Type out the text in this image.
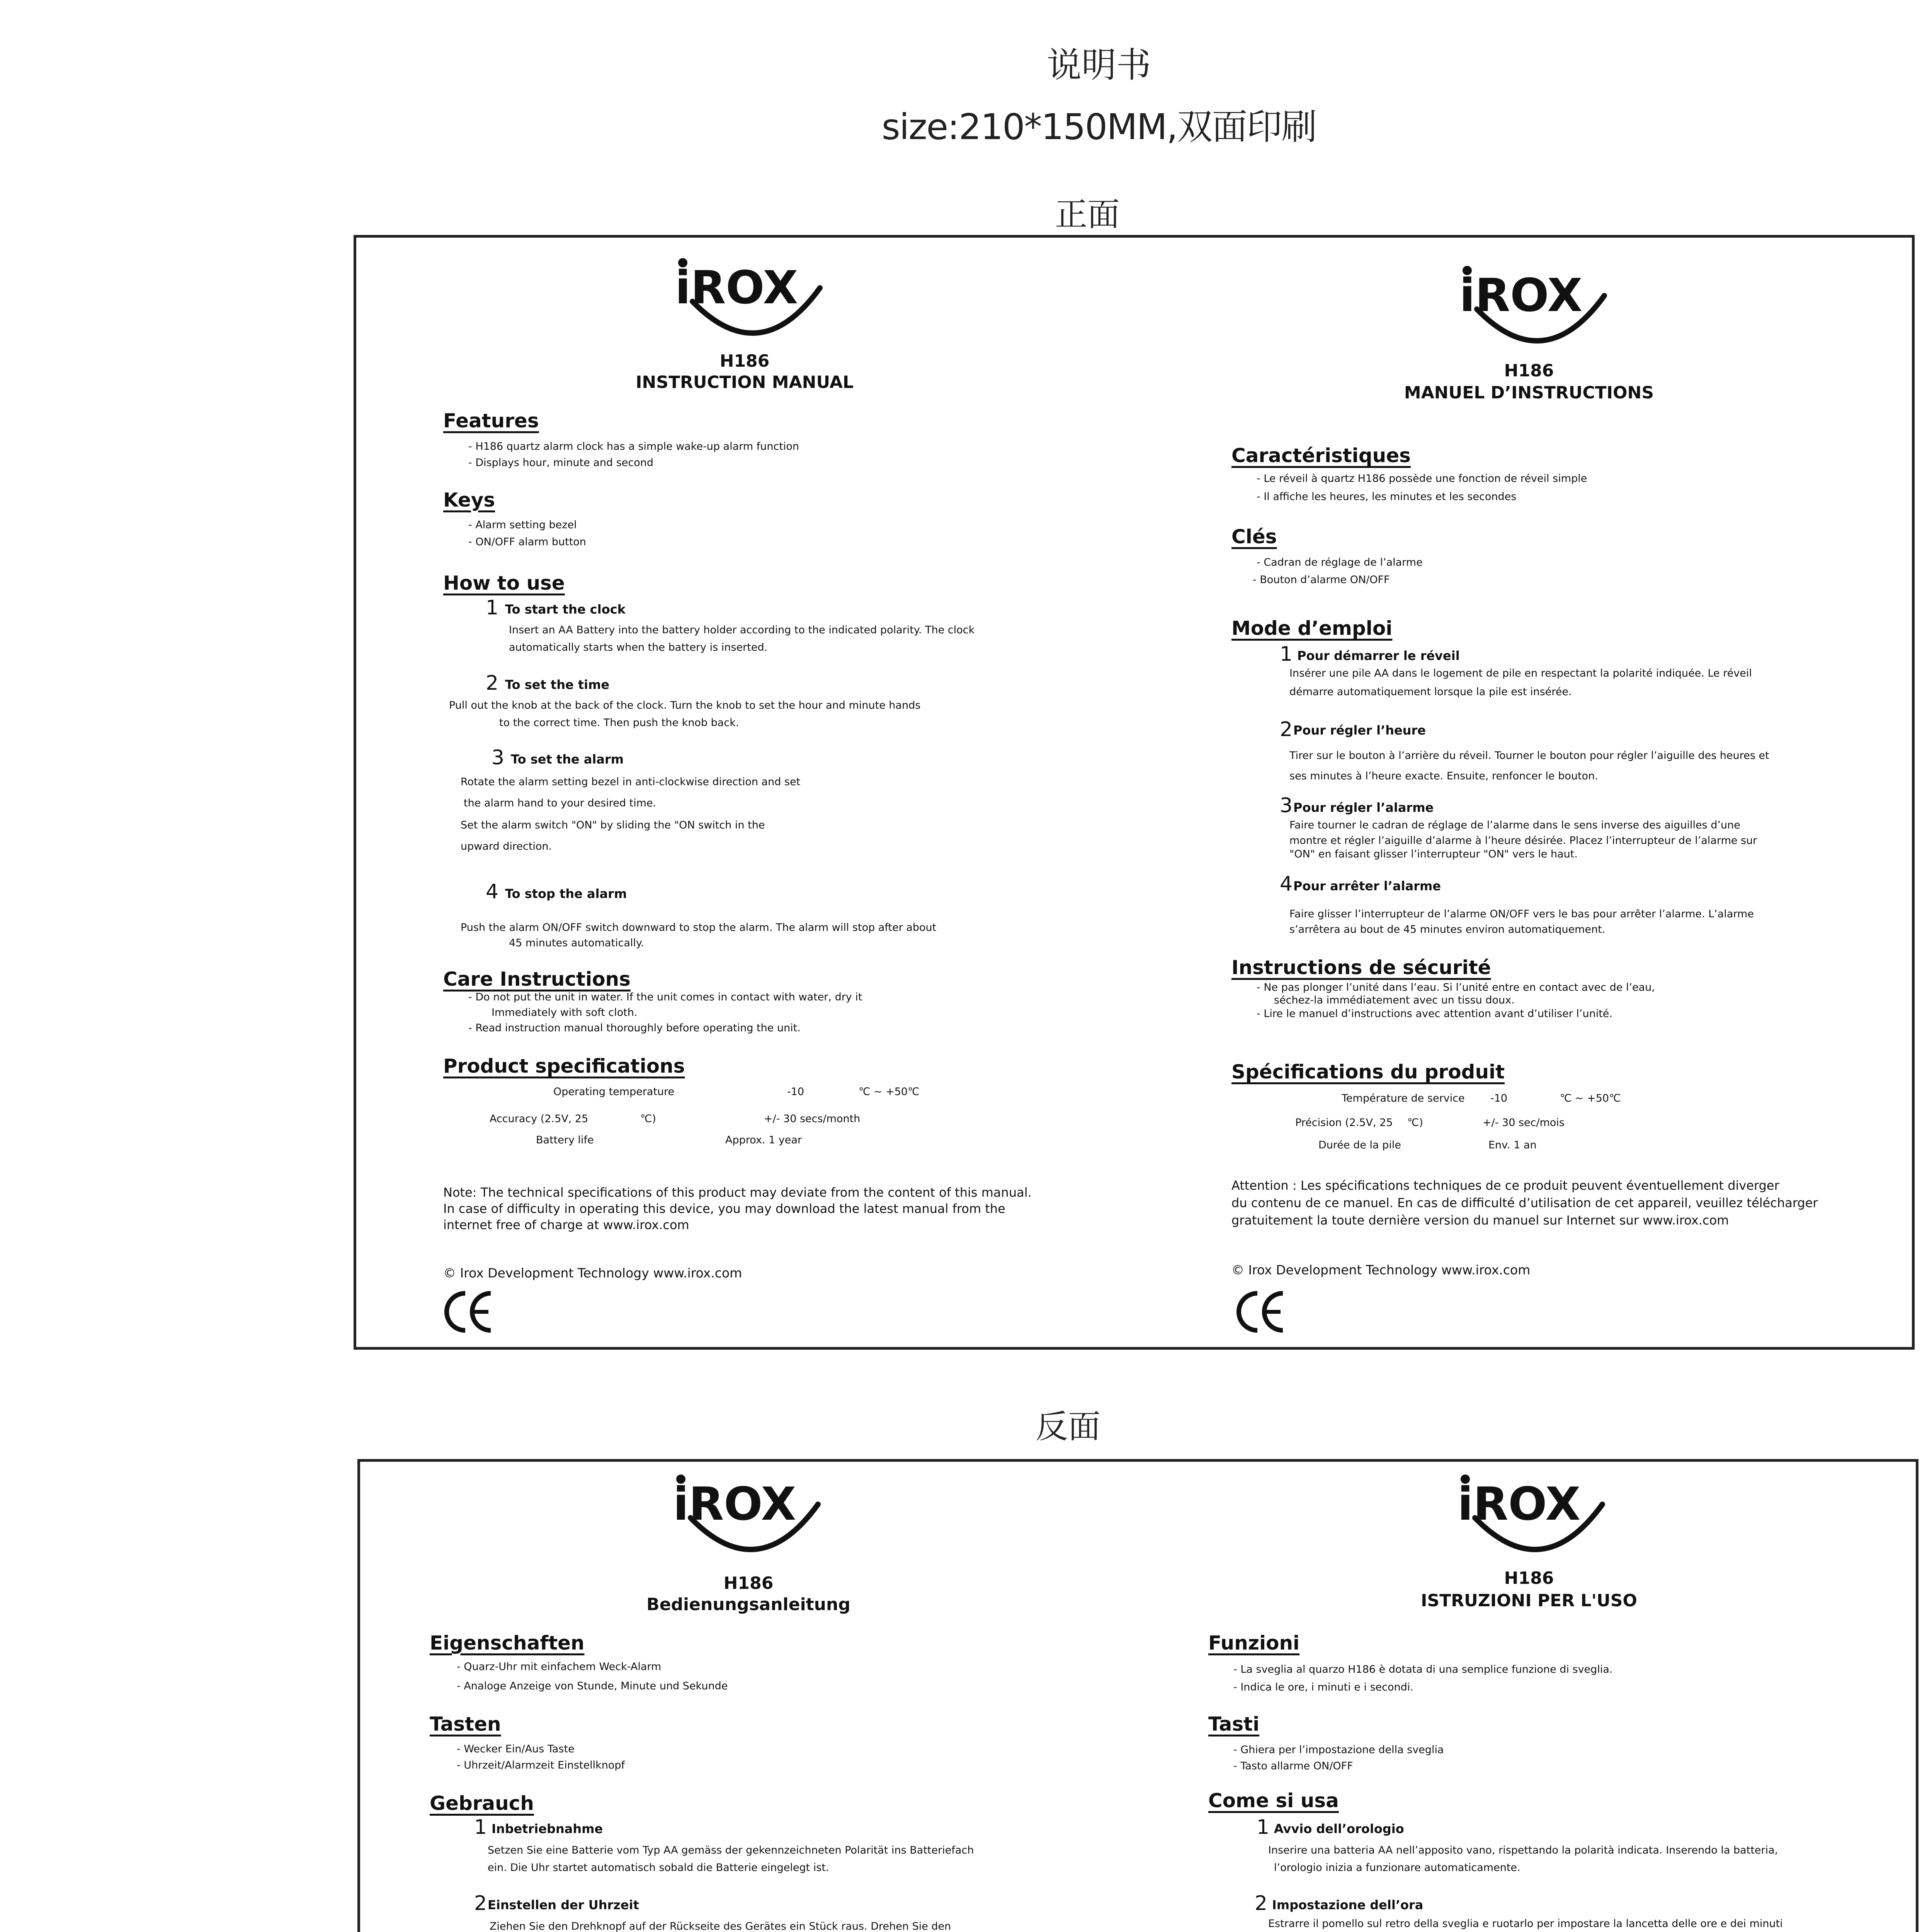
说明书
size:210*150MM,双面印刷
正面
反面
iROX
H186
INSTRUCTION MANUAL
Features
- H186 quartz alarm clock has a simple wake-up alarm function
- Displays hour, minute and second
Keys
- Alarm setting bezel
- ON/OFF alarm button
How to use
1 To start the clock
Insert an AA Battery into the battery holder according to the indicated polarity. The clock
automatically starts when the battery is inserted.
2 To set the time
Pull out the knob at the back of the clock. Turn the knob to set the hour and minute hands
to the correct time. Then push the knob back.
3 To set the alarm
Rotate the alarm setting bezel in anti-clockwise direction and set
the alarm hand to your desired time.
Set the alarm switch "ON" by sliding the "ON switch in the
upward direction.
4 To stop the alarm
Push the alarm ON/OFF switch downward to stop the alarm. The alarm will stop after about
45 minutes automatically.
Care Instructions
- Do not put the unit in water. If the unit comes in contact with water, dry it
Immediately with soft cloth.
- Read instruction manual thoroughly before operating the unit.
Product specifications
Operating temperature	-10	℃ ~ +50℃
Accuracy (2.5V, 25	℃)	+/- 30 secs/month
Battery life	Approx. 1 year
Note: The technical specifications of this product may deviate from the content of this manual.
In case of difficulty in operating this device, you may download the latest manual from the
internet free of charge at www.irox.com
© Irox Development Technology www.irox.com
iROX
H186
MANUEL D’INSTRUCTIONS
Caractéristiques
- Le réveil à quartz H186 possède une fonction de réveil simple
- Il affiche les heures, les minutes et les secondes
Clés
- Cadran de réglage de l’alarme
- Bouton d’alarme ON/OFF
Mode d’emploi
1 Pour démarrer le réveil
Insérer une pile AA dans le logement de pile en respectant la polarité indiquée. Le réveil
démarre automatiquement lorsque la pile est insérée.
2 Pour régler l’heure
Tirer sur le bouton à l’arrière du réveil. Tourner le bouton pour régler l’aiguille des heures et
ses minutes à l’heure exacte. Ensuite, renfoncer le bouton.
3 Pour régler l’alarme
Faire tourner le cadran de réglage de l’alarme dans le sens inverse des aiguilles d’une
montre et régler l’aiguille d’alarme à l’heure désirée. Placez l’interrupteur de l’alarme sur
"ON" en faisant glisser l’interrupteur "ON" vers le haut.
4 Pour arrêter l’alarme
Faire glisser l’interrupteur de l’alarme ON/OFF vers le bas pour arrêter l’alarme. L’alarme
s’arrêtera au bout de 45 minutes environ automatiquement.
Instructions de sécurité
- Ne pas plonger l’unité dans l’eau. Si l’unité entre en contact avec de l’eau,
séchez-la immédiatement avec un tissu doux.
- Lire le manuel d’instructions avec attention avant d’utiliser l’unité.
Spécifications du produit
Température de service -10	℃ ~ +50℃
Précision (2.5V, 25 ℃)	+/- 30 sec/mois
Durée de la pile	Env. 1 an
Attention : Les spécifications techniques de ce produit peuvent éventuellement diverger
du contenu de ce manuel. En cas de difficulté d’utilisation de cet appareil, veuillez télécharger
gratuitement la toute dernière version du manuel sur Internet sur www.irox.com
© Irox Development Technology www.irox.com
iROX
H186
Bedienungsanleitung
Eigenschaften
- Quarz-Uhr mit einfachem Weck-Alarm
- Analoge Anzeige von Stunde, Minute und Sekunde
Tasten
- Wecker Ein/Aus Taste
- Uhrzeit/Alarmzeit Einstellknopf
Gebrauch
1 Inbetriebnahme
Setzen Sie eine Batterie vom Typ AA gemäss der gekennzeichneten Polarität ins Batteriefach
ein. Die Uhr startet automatisch sobald die Batterie eingelegt ist.
2 Einstellen der Uhrzeit
Ziehen Sie den Drehknopf auf der Rückseite des Gerätes ein Stück raus. Drehen Sie den
iROX
H186
ISTRUZIONI PER L'USO
Funzioni
- La sveglia al quarzo H186 è dotata di una semplice funzione di sveglia.
- Indica le ore, i minuti e i secondi.
Tasti
- Ghiera per l’impostazione della sveglia
- Tasto allarme ON/OFF
Come si usa
1 Avvio dell’orologio
Inserire una batteria AA nell’apposito vano, rispettando la polarità indicata. Inserendo la batteria,
l’orologio inizia a funzionare automaticamente.
2 Impostazione dell’ora
Estrarre il pomello sul retro della sveglia e ruotarlo per impostare la lancetta delle ore e dei minuti
